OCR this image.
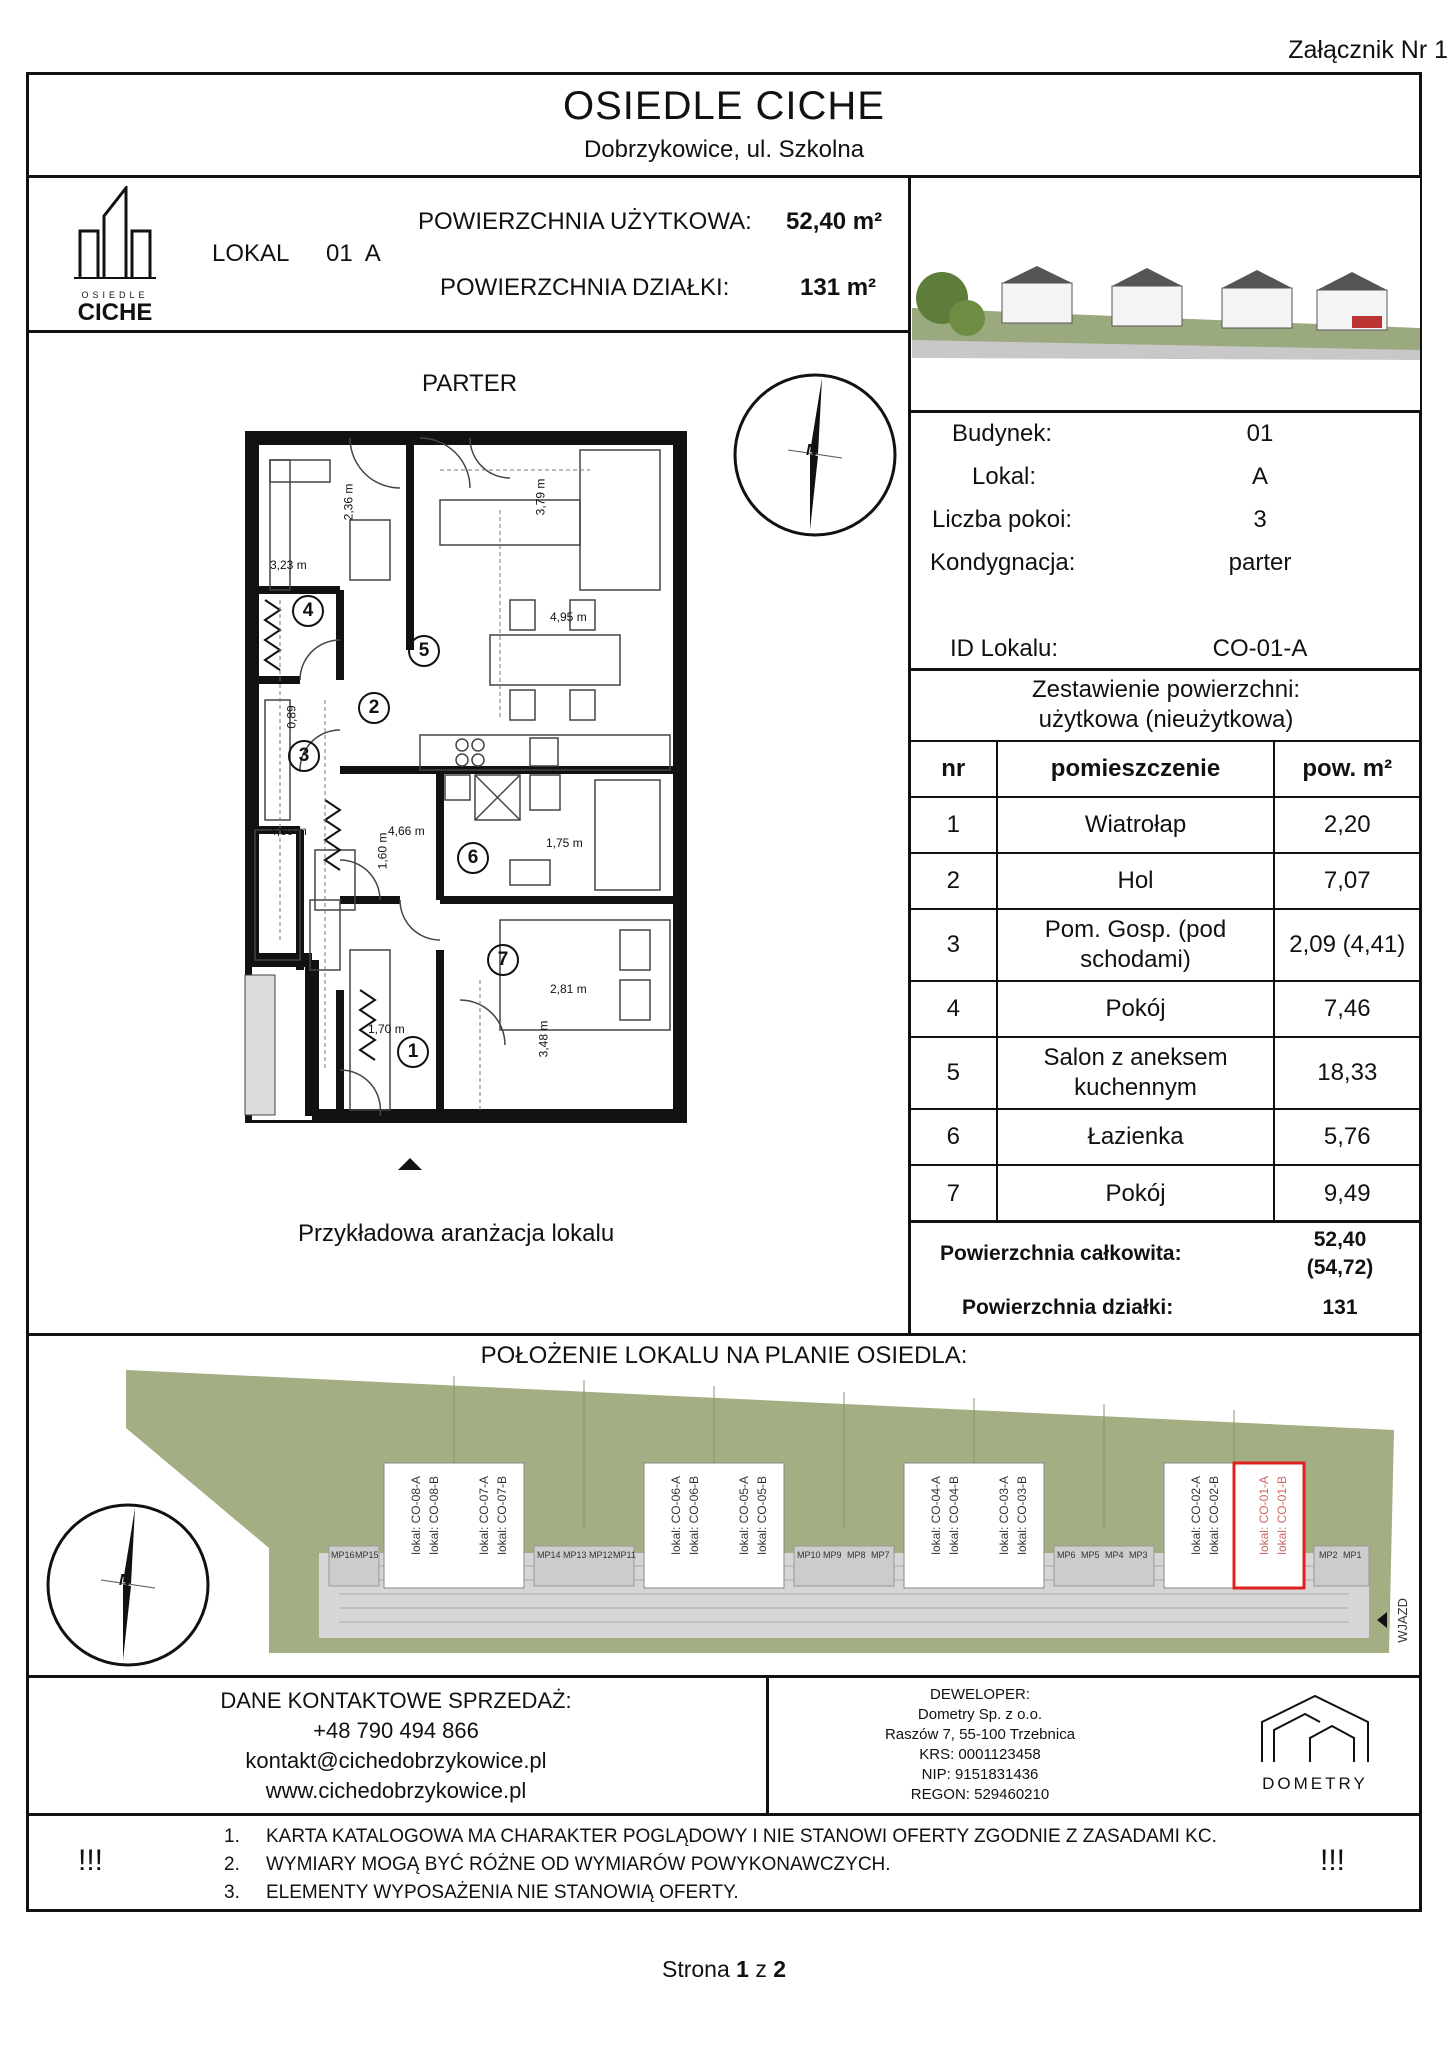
Załącznik Nr 1
OSIEDLE CICHE
Dobrzykowice, ul. Szkolna
OSIEDLE
CICHE
LOKAL 01  A
POWIERZCHNIA UŻYTKOWA: 52,40 m²
POWIERZCHNIA DZIAŁKI:	131 m²
Budynek:	01
Lokal:	A
Liczba pokoi:	3
Kondygnacja:	parter
ID Lokalu:	CO-01-A
Zestawienie powierzchni:
użytkowa (nieużytkowa)
nr	pomieszczenie	pow. m²
1	Wiatrołap	2,20
2	Hol	7,07
3	Pom. Gosp. (pod schodami)	2,09 (4,41)
4	Pokój	7,46
5	Salon z aneksem kuchennym	18,33
6	Łazienka	5,76
7	Pokój	9,49
Powierzchnia całkowita:
52,40
(54,72)
Powierzchnia działki:	131
PARTER
Przykładowa aranżacja lokalu
N
5
4
2
3
6
7
1
2,36 m
3,23 m
3,79 m
4,95 m
0,89
4,60 m	4,66 m
1,60 m	1,75 m
2,81 m
1,70 m	3,48 m
POŁOŻENIE LOKALU NA PLANIE OSIEDLA:
lokal: CO-08-A lokal: CO-08-B	lokal: CO-07-A lokal: CO-07-B	lokal: CO-06-A lokal: CO-06-B	lokal: CO-05-A lokal: CO-05-B	lokal: CO-04-A lokal: CO-04-B	lokal: CO-03-A lokal: CO-03-B	lokal: CO-02-A lokal: CO-02-B	lokal: CO-01-A lokal: CO-01-B
MP16 MP15	MP14 MP13 MP12 MP11	MP10 MP9 MP8 MP7	MP6 MP5 MP4 MP3	MP2 MP1
WJAZD
N
DANE KONTAKTOWE SPRZEDAŻ:
+48 790 494 866
kontakt@cichedobrzykowice.pl
www.cichedobrzykowice.pl
DEWELOPER:
Dometry Sp. z o.o.
Raszów 7, 55-100 Trzebnica
KRS: 0001123458
NIP: 9151831436
REGON: 529460210
DOMETRY
!!!	!!!
1. KARTA KATALOGOWA MA CHARAKTER POGLĄDOWY I NIE STANOWI OFERTY ZGODNIE Z ZASADAMI KC.
2. WYMIARY MOGĄ BYĆ RÓŻNE OD WYMIARÓW POWYKONAWCZYCH.
3. ELEMENTY WYPOSAŻENIA NIE STANOWIĄ OFERTY.
Strona 1 z 2
